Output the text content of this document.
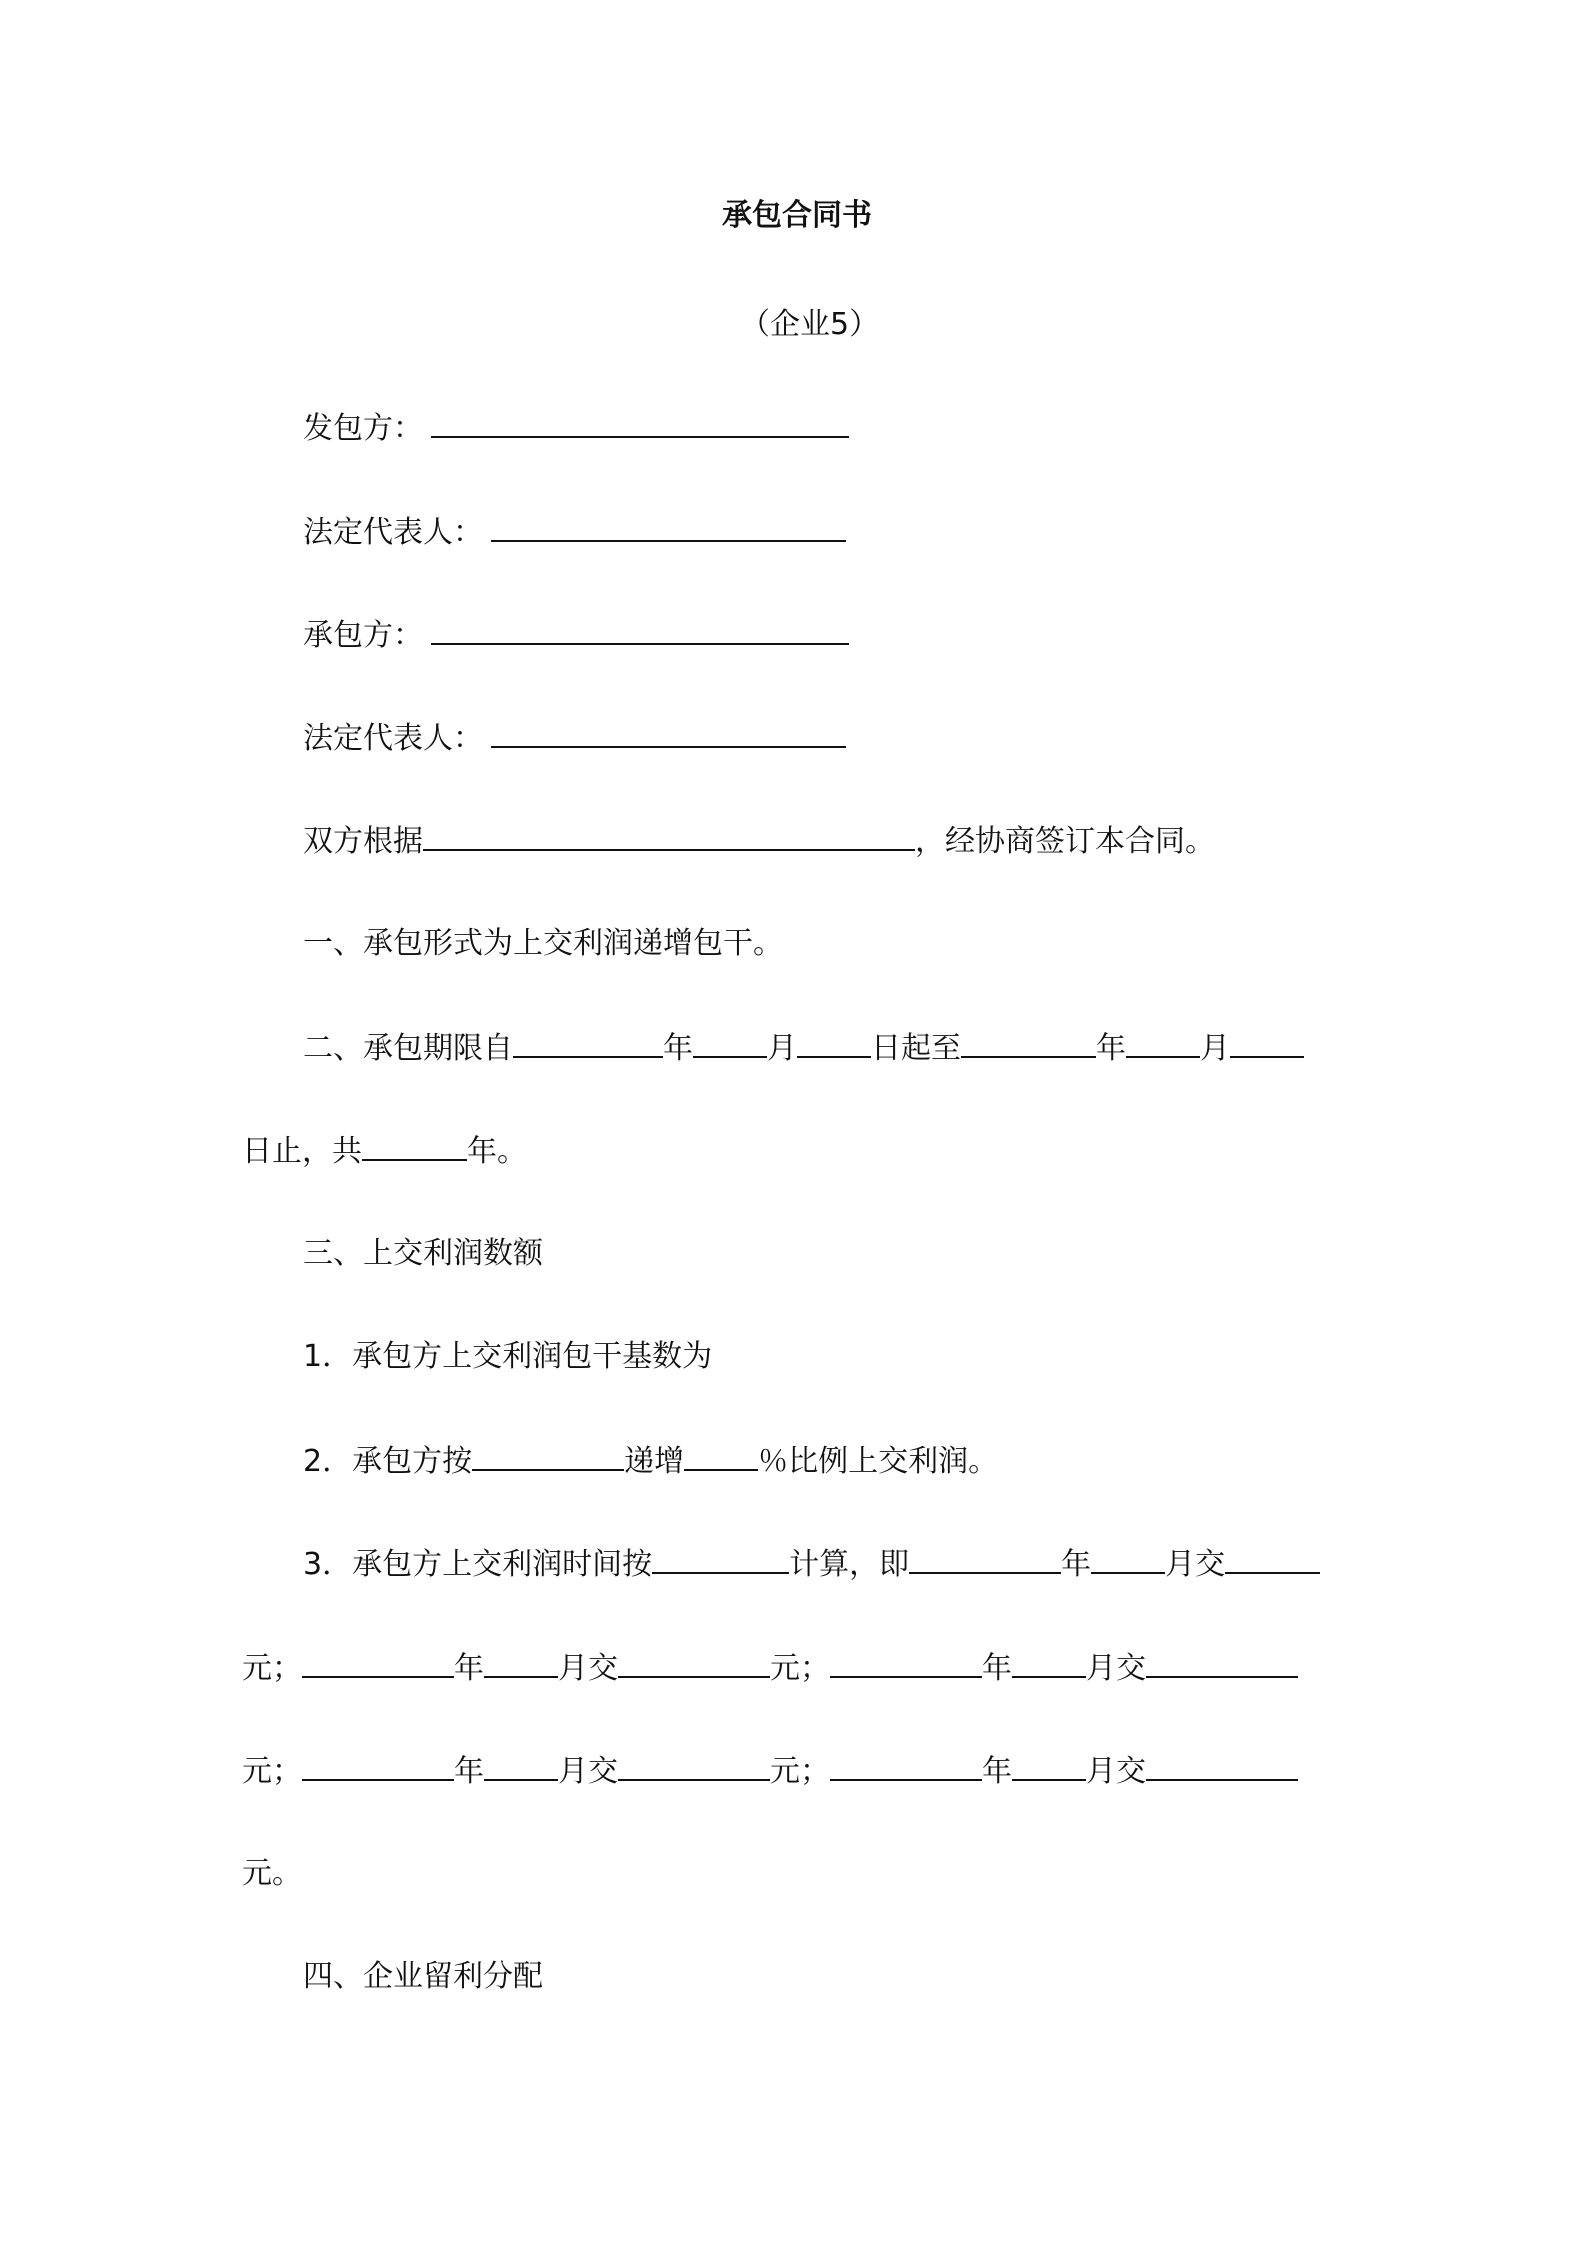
承包合同书
（企业5）
发包方：
法定代表人：
承包方：
法定代表人：
双方根据	，经协商签订本合同。
一、承包形式为上交利润递增包干。
二、承包期限自	年 月 日起至	年 月
日止，共	年。
三、上交利润数额
1．承包方上交利润包干基数为
2．承包方按	递增 ％比例上交利润。
3．承包方上交利润时间按	计算，即	年 月交
元；	年 月交	元；	年 月交
元；	年 月交	元；	年 月交
元。
四、企业留利分配
